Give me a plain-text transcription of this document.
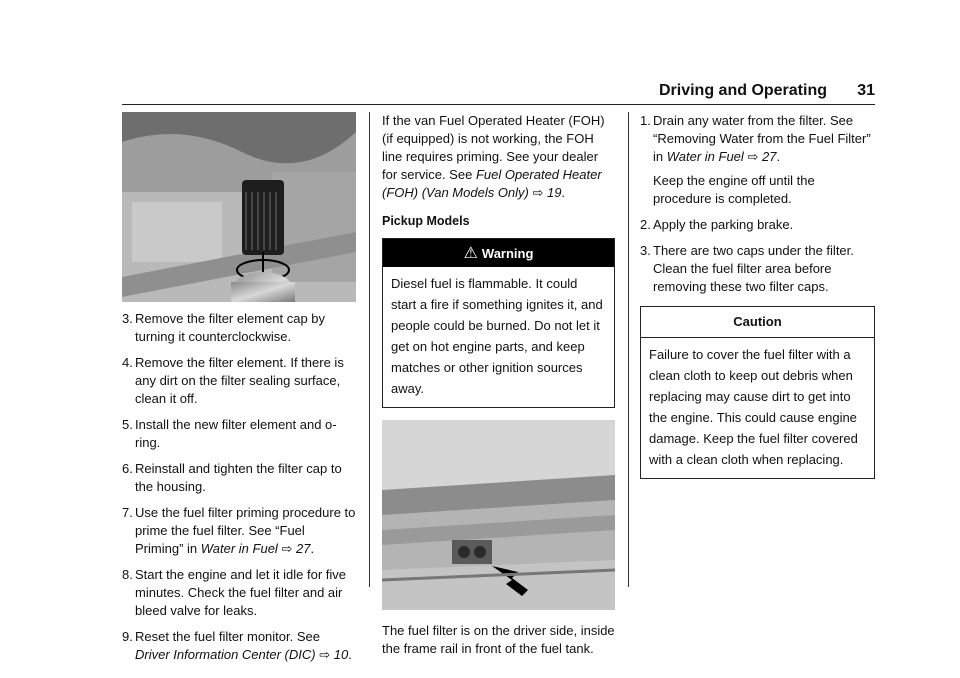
Driving and Operating 31
3. Remove the filter element cap by turning it counterclockwise.
4. Remove the filter element. If there is any dirt on the filter sealing surface, clean it off.
5. Install the new filter element and o-ring.
6. Reinstall and tighten the filter cap to the housing.
7. Use the fuel filter priming procedure to prime the fuel filter. See “Fuel Priming” in Water in Fuel ⇨ 27.
8. Start the engine and let it idle for five minutes. Check the fuel filter and air bleed valve for leaks.
9. Reset the fuel filter monitor. See Driver Information Center (DIC) ⇨ 10.

If the van Fuel Operated Heater (FOH) (if equipped) is not working, the FOH line requires priming. See your dealer for service. See Fuel Operated Heater (FOH) (Van Models Only) ⇨ 19.

Pickup Models
⚠ Warning
Diesel fuel is flammable. It could start a fire if something ignites it, and people could be burned. Do not let it get on hot engine parts, and keep matches or other ignition sources away.

The fuel filter is on the driver side, inside the frame rail in front of the fuel tank.

1. Drain any water from the filter. See “Removing Water from the Fuel Filter” in Water in Fuel ⇨ 27.
Keep the engine off until the procedure is completed.
2. Apply the parking brake.
3. There are two caps under the filter. Clean the fuel filter area before removing these two filter caps.
Caution
Failure to cover the fuel filter with a clean cloth to keep out debris when replacing may cause dirt to get into the engine. This could cause engine damage. Keep the fuel filter covered with a clean cloth when replacing.
